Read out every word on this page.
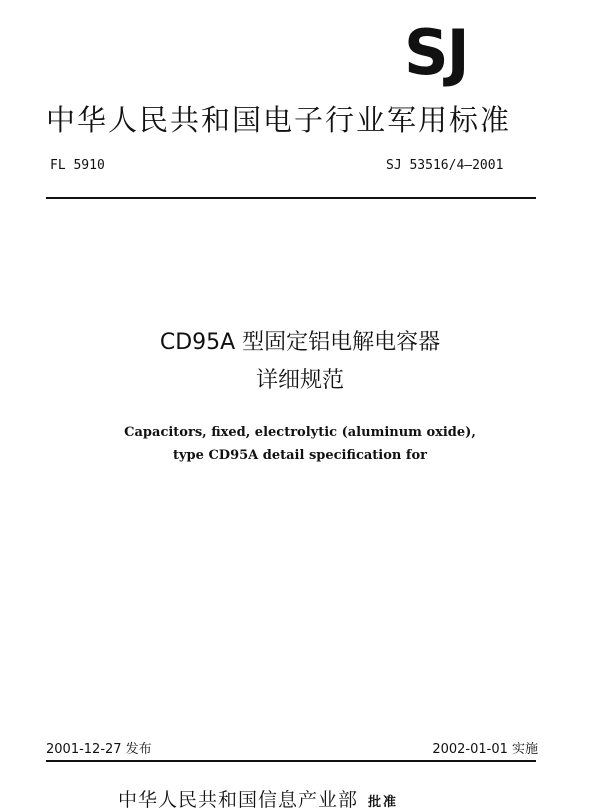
SJ
中华人民共和国电子行业军用标准
FL 5910	SJ 53516/4—2001
CD95A 型固定铝电解电容器
详细规范
Capacitors, fixed, electrolytic (aluminum oxide),
type CD95A detail specification for
2001-12-27 发布	2002-01-01 实施
中华人民共和国信息产业部 批准
